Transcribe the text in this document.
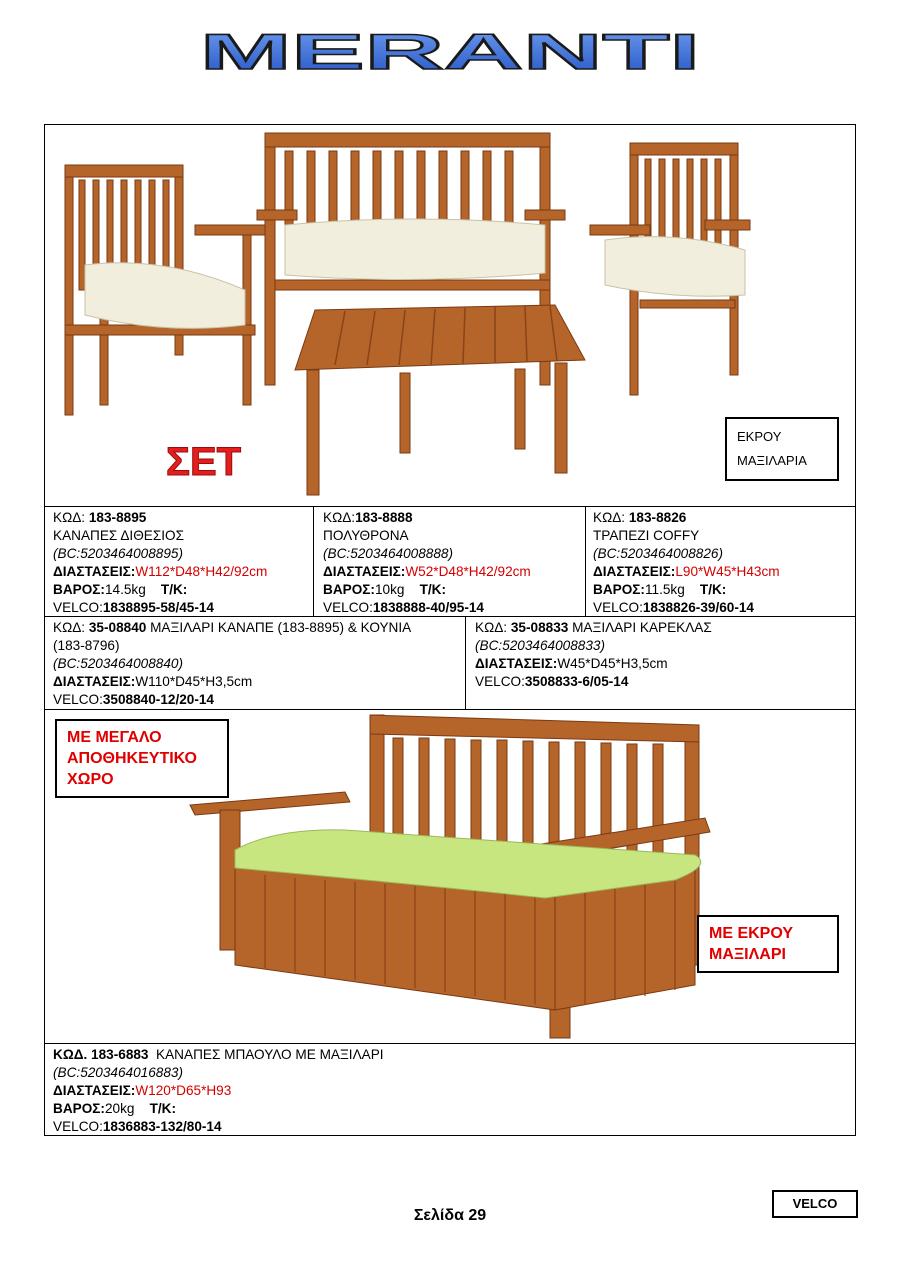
MERANTI
ΣΕΤ
ΕΚΡΟΥ
ΜΑΞΙΛΑΡΙΑ
ΚΩΔ: 183-8895
ΚΑΝΑΠΕΣ ΔΙΘΕΣΙΟΣ
(BC:5203464008895)
ΔΙΑΣΤΑΣΕΙΣ:W112*D48*H42/92cm
ΒΑΡΟΣ:14.5kg Τ/Κ:
VELCO:1838895-58/45-14
ΚΩΔ:183-8888
ΠΟΛΥΘΡΟΝΑ
(BC:5203464008888)
ΔΙΑΣΤΑΣΕΙΣ:W52*D48*H42/92cm
ΒΑΡΟΣ:10kg Τ/Κ:
VELCO:1838888-40/95-14
ΚΩΔ: 183-8826
ΤΡΑΠΕΖΙ COFFY
(BC:5203464008826)
ΔΙΑΣΤΑΣΕΙΣ:L90*W45*H43cm
ΒΑΡΟΣ:11.5kg Τ/Κ:
VELCO:1838826-39/60-14
ΚΩΔ: 35-08840 ΜΑΞΙΛΑΡΙ ΚΑΝΑΠΕ (183-8895) & ΚΟΥΝΙΑ
(183-8796)
(BC:5203464008840)
ΔΙΑΣΤΑΣΕΙΣ:W110*D45*H3,5cm
VELCO:3508840-12/20-14
ΚΩΔ: 35-08833 ΜΑΞΙΛΑΡΙ ΚΑΡΕΚΛΑΣ
(BC:5203464008833)
ΔΙΑΣΤΑΣΕΙΣ:W45*D45*H3,5cm
VELCO:3508833-6/05-14
ΜΕ ΜΕΓΑΛΟ
ΑΠΟΘΗΚΕΥΤΙΚΟ
ΧΩΡΟ
ΜΕ ΕΚΡΟΥ
ΜΑΞΙΛΑΡΙ
ΚΩΔ. 183-6883  ΚΑΝΑΠΕΣ ΜΠΑΟΥΛΟ ΜΕ ΜΑΞΙΛΑΡΙ
(BC:5203464016883)
ΔΙΑΣΤΑΣΕΙΣ:W120*D65*H93
ΒΑΡΟΣ:20kg Τ/Κ:
VELCO:1836883-132/80-14
Σελίδα 29
VELCO
